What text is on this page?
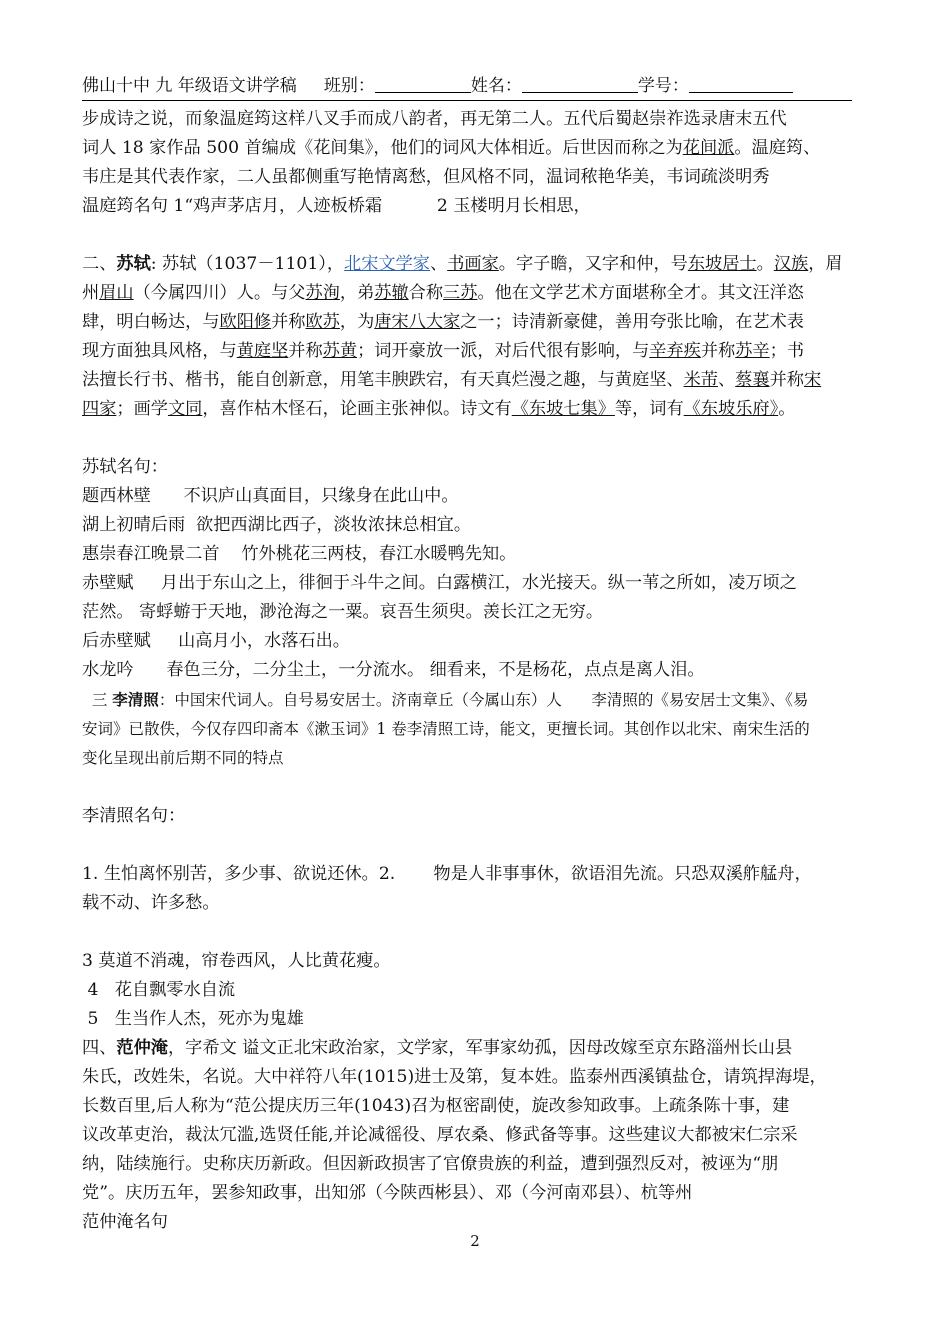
佛山十中 九 年级语文讲学稿 班别：	姓名：	学号：

步成诗之说，而象温庭筠这样八叉手而成八韵者，再无第二人。五代后蜀赵崇祚选录唐末五代

词人 18 家作品 500 首编成《花间集》，他们的词风大体相近。后世因而称之为花间派。温庭筠、

韦庄是其代表作家，二人虽都侧重写艳情离愁，但风格不同，温词秾艳华美，韦词疏淡明秀

温庭筠名句 1“鸡声茅店月，人迹板桥霜          2 玉楼明月长相思，

二、苏轼: 苏轼（1037－1101），北宋文学家、书画家。字子瞻，又字和仲，号东坡居士。汉族，眉

州眉山（今属四川）人。与父苏洵，弟苏辙合称三苏。他在文学艺术方面堪称全才。其文汪洋恣

肆，明白畅达，与欧阳修并称欧苏，为唐宋八大家之一；诗清新豪健，善用夸张比喻，在艺术表

现方面独具风格，与黄庭坚并称苏黄；词开豪放一派，对后代很有影响，与辛弃疾并称苏辛；书

法擅长行书、楷书，能自创新意，用笔丰腴跌宕，有天真烂漫之趣，与黄庭坚、米芾、蔡襄并称宋

四家；画学文同，喜作枯木怪石，论画主张神似。诗文有《东坡七集》等，词有《东坡乐府》。

苏轼名句：

题西林壁      不识庐山真面目，只缘身在此山中。

湖上初晴后雨  欲把西湖比西子，淡妆浓抹总相宜。

惠崇春江晚景二首    竹外桃花三两枝，春江水暖鸭先知。

赤壁赋     月出于东山之上，徘徊于斗牛之间。白露横江，水光接天。纵一苇之所如，凌万顷之

茫然。 寄蜉蝣于天地，渺沧海之一粟。哀吾生须臾。羡长江之无穷。

后赤壁赋     山高月小，水落石出。

水龙吟      春色三分，二分尘土，一分流水。 细看来，不是杨花，点点是离人泪。

三 李清照：中国宋代词人。自号易安居士。济南章丘（今属山东）人      李清照的《易安居士文集》、《易

安词》已散佚，今仅存四印斋本《漱玉词》1 卷李清照工诗，能文，更擅长词。其创作以北宋、南宋生活的

变化呈现出前后期不同的特点

李清照名句：

1. 生怕离怀别苦，多少事、欲说还休。2.       物是人非事事休，欲语泪先流。只恐双溪舴艋舟，

载不动、许多愁。

3 莫道不消魂，帘卷西风，人比黄花瘦。

4   花自飘零水自流

5   生当作人杰，死亦为鬼雄

四、范仲淹，字希文 谥文正北宋政治家，文学家，军事家幼孤，因母改嫁至京东路淄州长山县

朱氏，改姓朱，名说。大中祥符八年(1015)进士及第，复本姓。监泰州西溪镇盐仓，请筑捍海堤，

长数百里,后人称为“范公提庆历三年(1043)召为枢密副使，旋改参知政事。上疏条陈十事，建

议改革吏治，裁汰冗滥,选贤任能,并论减徭役、厚农桑、修武备等事。这些建议大都被宋仁宗采

纳，陆续施行。史称庆历新政。但因新政损害了官僚贵族的利益，遭到强烈反对，被诬为“朋

党”。庆历五年，罢参知政事，出知邠（今陕西彬县）、邓（今河南邓县）、杭等州

范仲淹名句

2
